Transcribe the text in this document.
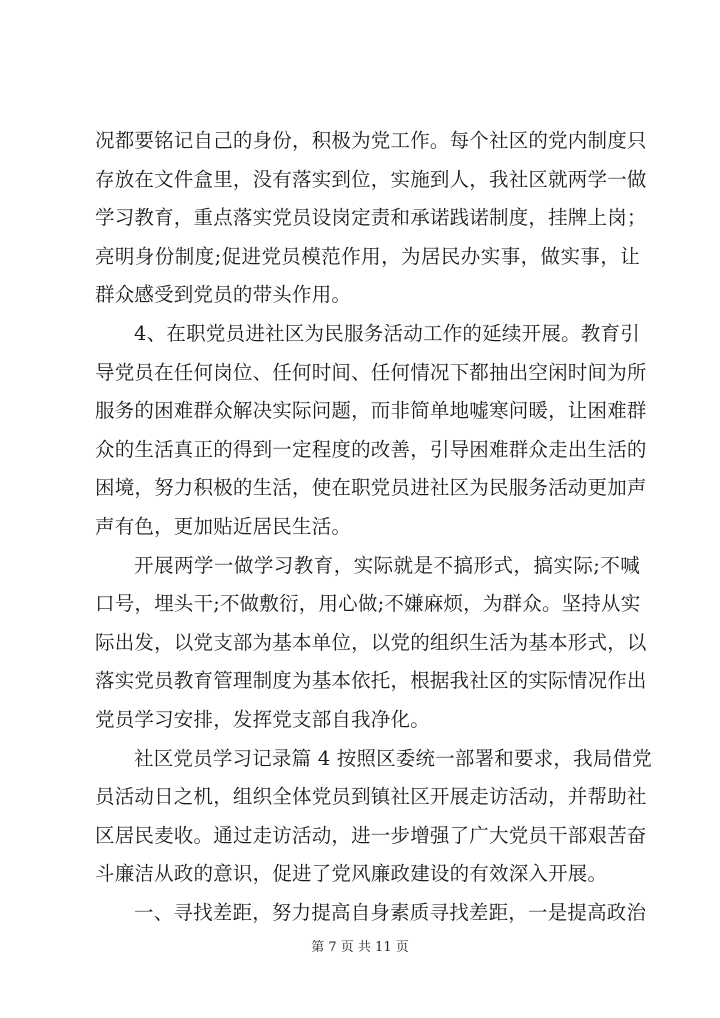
况都要铭记自己的身份，积极为党工作。每个社区的党内制度只
存放在文件盒里，没有落实到位，实施到人，我社区就两学一做
学习教育，重点落实党员设岗定责和承诺践诺制度，挂牌上岗；
亮明身份制度;促进党员模范作用，为居民办实事，做实事，让
群众感受到党员的带头作用。
4、在职党员进社区为民服务活动工作的延续开展。教育引
导党员在任何岗位、任何时间、任何情况下都抽出空闲时间为所
服务的困难群众解决实际问题，而非简单地嘘寒问暖，让困难群
众的生活真正的得到一定程度的改善，引导困难群众走出生活的
困境，努力积极的生活，使在职党员进社区为民服务活动更加声
声有色，更加贴近居民生活。
开展两学一做学习教育，实际就是不搞形式，搞实际;不喊
口号，埋头干;不做敷衍，用心做;不嫌麻烦，为群众。坚持从实
际出发，以党支部为基本单位，以党的组织生活为基本形式，以
落实党员教育管理制度为基本依托，根据我社区的实际情况作出
党员学习安排，发挥党支部自我净化。
社区党员学习记录篇 4 按照区委统一部署和要求，我局借党
员活动日之机，组织全体党员到镇社区开展走访活动，并帮助社
区居民麦收。通过走访活动，进一步增强了广大党员干部艰苦奋
斗廉洁从政的意识，促进了党风廉政建设的有效深入开展。
一、寻找差距，努力提高自身素质寻找差距，一是提高政治
第 7 页 共 11 页
